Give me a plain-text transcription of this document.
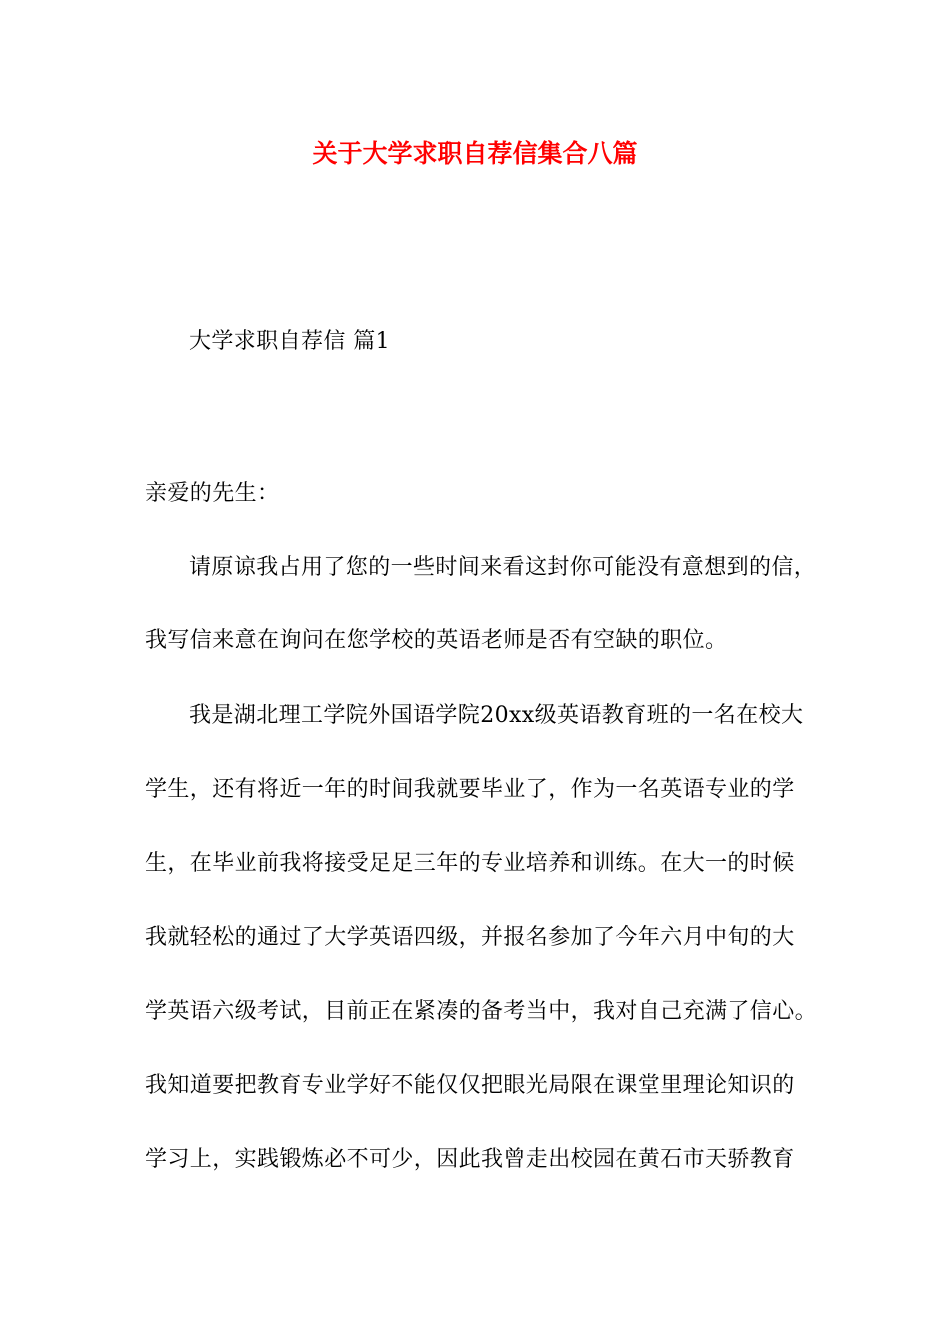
关于大学求职自荐信集合八篇
大学求职自荐信 篇1
亲爱的先生：
请原谅我占用了您的一些时间来看这封你可能没有意想到的信，
我写信来意在询问在您学校的英语老师是否有空缺的职位。
我是湖北理工学院外国语学院20xx级英语教育班的一名在校大
学生，还有将近一年的时间我就要毕业了，作为一名英语专业的学
生，在毕业前我将接受足足三年的专业培养和训练。在大一的时候
我就轻松的通过了大学英语四级，并报名参加了今年六月中旬的大
学英语六级考试，目前正在紧凑的备考当中，我对自己充满了信心。
我知道要把教育专业学好不能仅仅把眼光局限在课堂里理论知识的
学习上，实践锻炼必不可少，因此我曾走出校园在黄石市天骄教育
